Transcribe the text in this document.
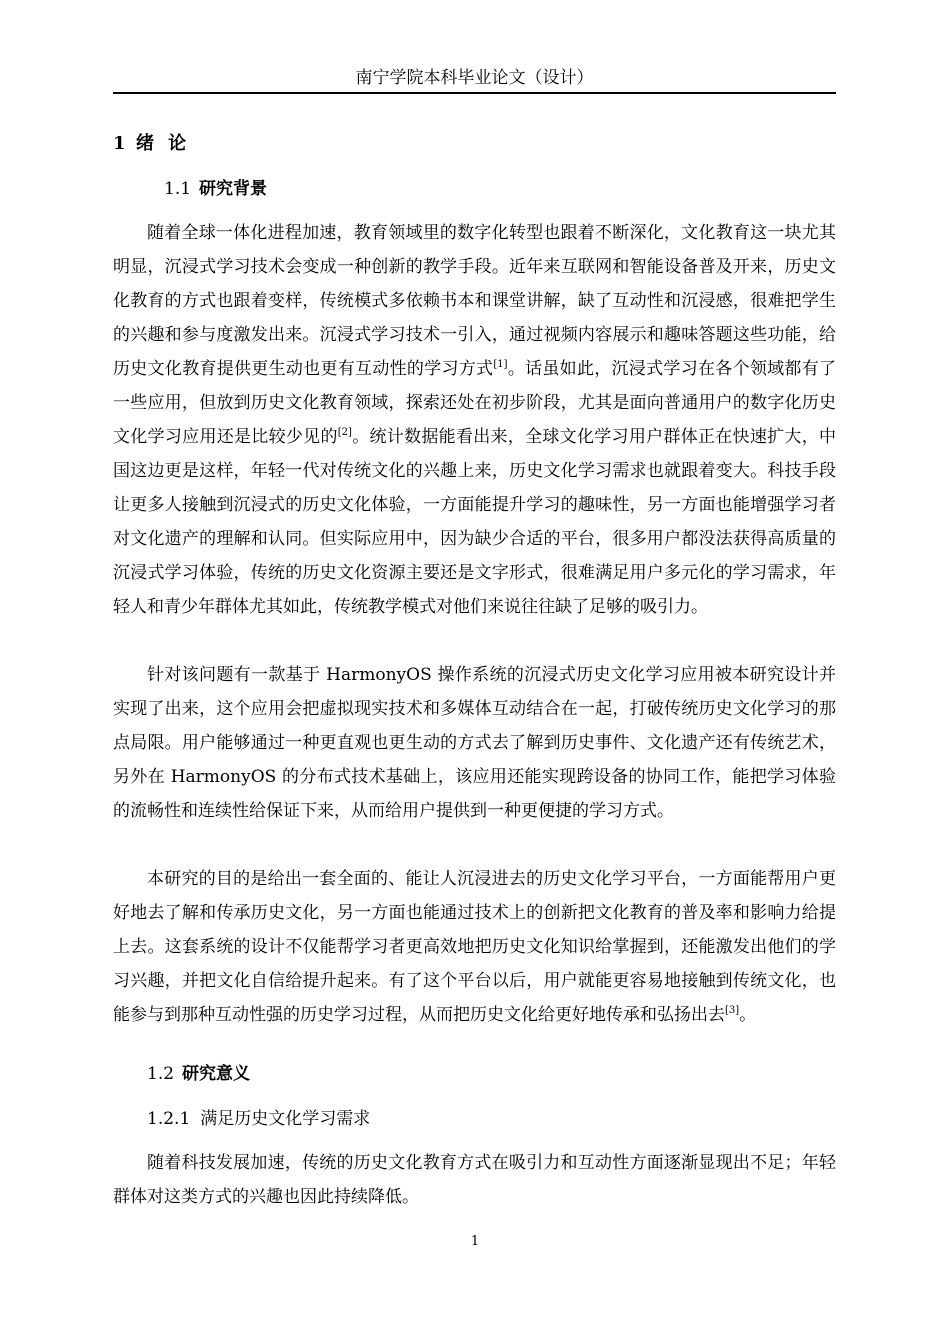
南宁学院本科毕业论文（设计）
1 绪  论
1.1 研究背景

随着全球一体化进程加速，教育领域里的数字化转型也跟着不断深化，文化教育这一块尤其明显，沉浸式学习技术会变成一种创新的教学手段。近年来互联网和智能设备普及开来，历史文化教育的方式也跟着变样，传统模式多依赖书本和课堂讲解，缺了互动性和沉浸感，很难把学生的兴趣和参与度激发出来。沉浸式学习技术一引入，通过视频内容展示和趣味答题这些功能，给历史文化教育提供更生动也更有互动性的学习方式[1]。话虽如此，沉浸式学习在各个领域都有了一些应用，但放到历史文化教育领域，探索还处在初步阶段，尤其是面向普通用户的数字化历史文化学习应用还是比较少见的[2]。统计数据能看出来，全球文化学习用户群体正在快速扩大，中国这边更是这样，年轻一代对传统文化的兴趣上来，历史文化学习需求也就跟着变大。科技手段让更多人接触到沉浸式的历史文化体验，一方面能提升学习的趣味性，另一方面也能增强学习者对文化遗产的理解和认同。但实际应用中，因为缺少合适的平台，很多用户都没法获得高质量的沉浸式学习体验，传统的历史文化资源主要还是文字形式，很难满足用户多元化的学习需求，年轻人和青少年群体尤其如此，传统教学模式对他们来说往往缺了足够的吸引力。

针对该问题有一款基于 HarmonyOS 操作系统的沉浸式历史文化学习应用被本研究设计并实现了出来，这个应用会把虚拟现实技术和多媒体互动结合在一起，打破传统历史文化学习的那点局限。用户能够通过一种更直观也更生动的方式去了解到历史事件、文化遗产还有传统艺术，另外在 HarmonyOS 的分布式技术基础上，该应用还能实现跨设备的协同工作，能把学习体验的流畅性和连续性给保证下来，从而给用户提供到一种更便捷的学习方式。

本研究的目的是给出一套全面的、能让人沉浸进去的历史文化学习平台，一方面能帮用户更好地去了解和传承历史文化，另一方面也能通过技术上的创新把文化教育的普及率和影响力给提上去。这套系统的设计不仅能帮学习者更高效地把历史文化知识给掌握到，还能激发出他们的学习兴趣，并把文化自信给提升起来。有了这个平台以后，用户就能更容易地接触到传统文化，也能参与到那种互动性强的历史学习过程，从而把历史文化给更好地传承和弘扬出去[3]。

1.2 研究意义
1.2.1 满足历史文化学习需求

随着科技发展加速，传统的历史文化教育方式在吸引力和互动性方面逐渐显现出不足；年轻群体对这类方式的兴趣也因此持续降低。

1
